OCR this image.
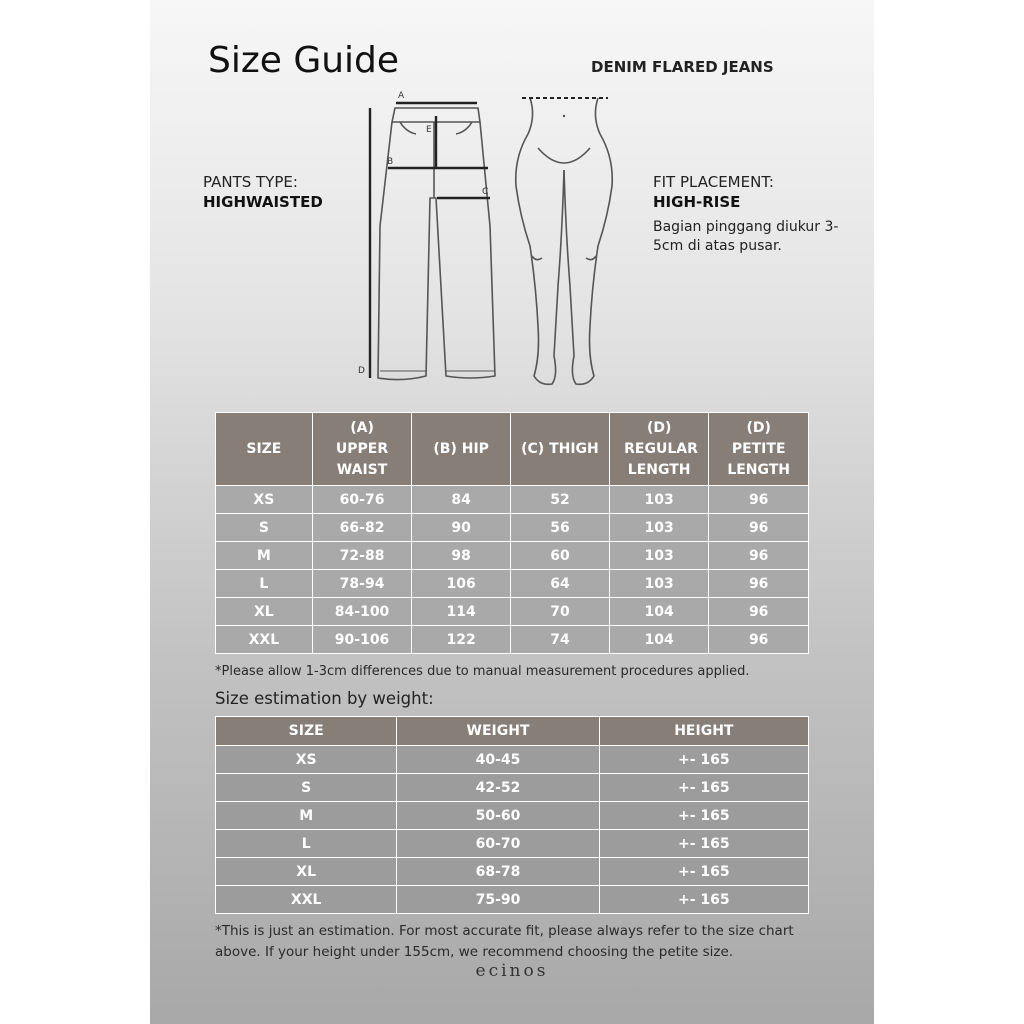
Size Guide	DENIM FLARED JEANS
PANTS TYPE:
HIGHWAISTED
FIT PLACEMENT:
HIGH-RISE
Bagian pinggang diukur 3-5cm di atas pusar.
A
B
C
D
E
SIZE	(A) UPPER WAIST	(B) HIP	(C) THIGH	(D) REGULAR LENGTH	(D) PETITE LENGTH

XS	60-76	84	52	103	96
S	66-82	90	56	103	96
M	72-88	98	60	103	96
L	78-94	106	64	103	96
XL	84-100	114	70	104	96
XXL	90-106	122	74	104	96
*Please allow 1-3cm differences due to manual measurement procedures applied.
Size estimation by weight:
SIZE	WEIGHT	HEIGHT
XS	40-45	+- 165
S	42-52	+- 165
M	50-60	+- 165
L	60-70	+- 165
XL	68-78	+- 165
XXL	75-90	+- 165
*This is just an estimation. For most accurate fit, please always refer to the size chart above. If your height under 155cm, we recommend choosing the petite size.
ecinos
